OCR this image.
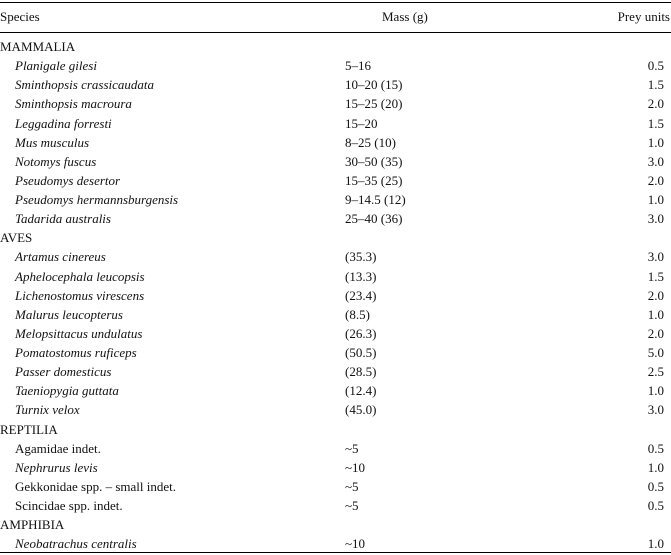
Species	Mass (g)	Prey units
MAMMALIA
Planigale gilesi	5–16	0.5
Sminthopsis crassicaudata	10–20 (15)	1.5
Sminthopsis macroura	15–25 (20)	2.0
Leggadina forresti	15–20	1.5
Mus musculus	8–25 (10)	1.0
Notomys fuscus	30–50 (35)	3.0
Pseudomys desertor	15–35 (25)	2.0
Pseudomys hermannsburgensis	9–14.5 (12)	1.0
Tadarida australis	25–40 (36)	3.0
AVES
Artamus cinereus	(35.3)	3.0
Aphelocephala leucopsis	(13.3)	1.5
Lichenostomus virescens	(23.4)	2.0
Malurus leucopterus	(8.5)	1.0
Melopsittacus undulatus	(26.3)	2.0
Pomatostomus ruficeps	(50.5)	5.0
Passer domesticus	(28.5)	2.5
Taeniopygia guttata	(12.4)	1.0
Turnix velox	(45.0)	3.0
REPTILIA
Agamidae indet.	~5	0.5
Nephrurus levis	~10	1.0
Gekkonidae spp. – small indet.	~5	0.5
Scincidae spp. indet.	~5	0.5
AMPHIBIA
Neobatrachus centralis	~10	1.0
